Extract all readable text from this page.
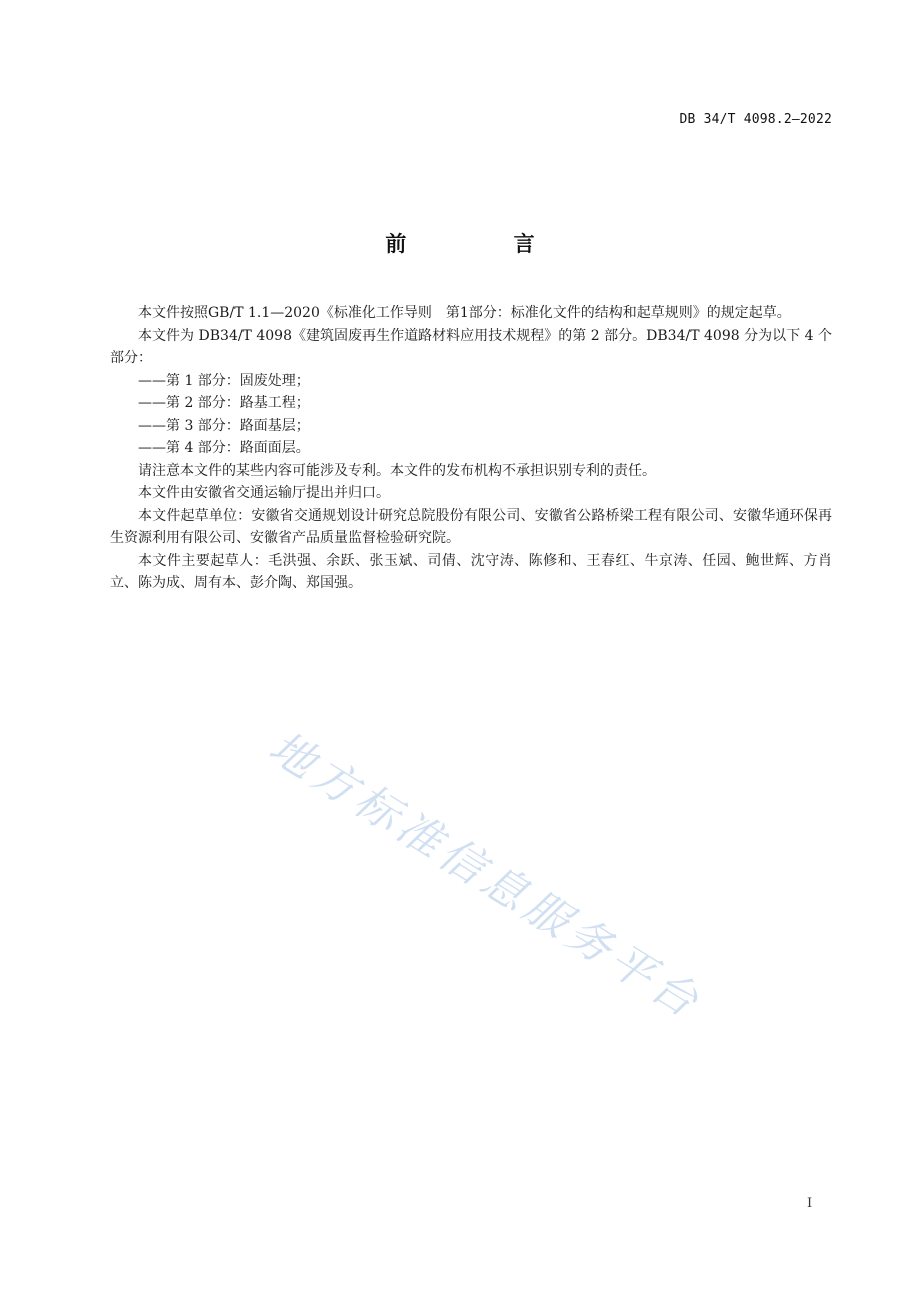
DB 34/T 4098.2—2022
前 言

本文件按照GB/T 1.1—2020《标准化工作导则　第1部分：标准化文件的结构和起草规则》的规定起草。

本文件为 DB34/T 4098《建筑固废再生作道路材料应用技术规程》的第 2 部分。DB34/T 4098 分为以下 4 个部分：

——第 1 部分：固废处理；

——第 2 部分：路基工程；

——第 3 部分：路面基层；

——第 4 部分：路面面层。

请注意本文件的某些内容可能涉及专利。本文件的发布机构不承担识别专利的责任。

本文件由安徽省交通运输厅提出并归口。

本文件起草单位：安徽省交通规划设计研究总院股份有限公司、安徽省公路桥梁工程有限公司、安徽华通环保再生资源利用有限公司、安徽省产品质量监督检验研究院。

本文件主要起草人：毛洪强、余跃、张玉斌、司倩、沈守涛、陈修和、王春红、牛京涛、任园、鲍世辉、方肖立、陈为成、周有本、彭介陶、郑国强。

地方标准信息服务平台
I
